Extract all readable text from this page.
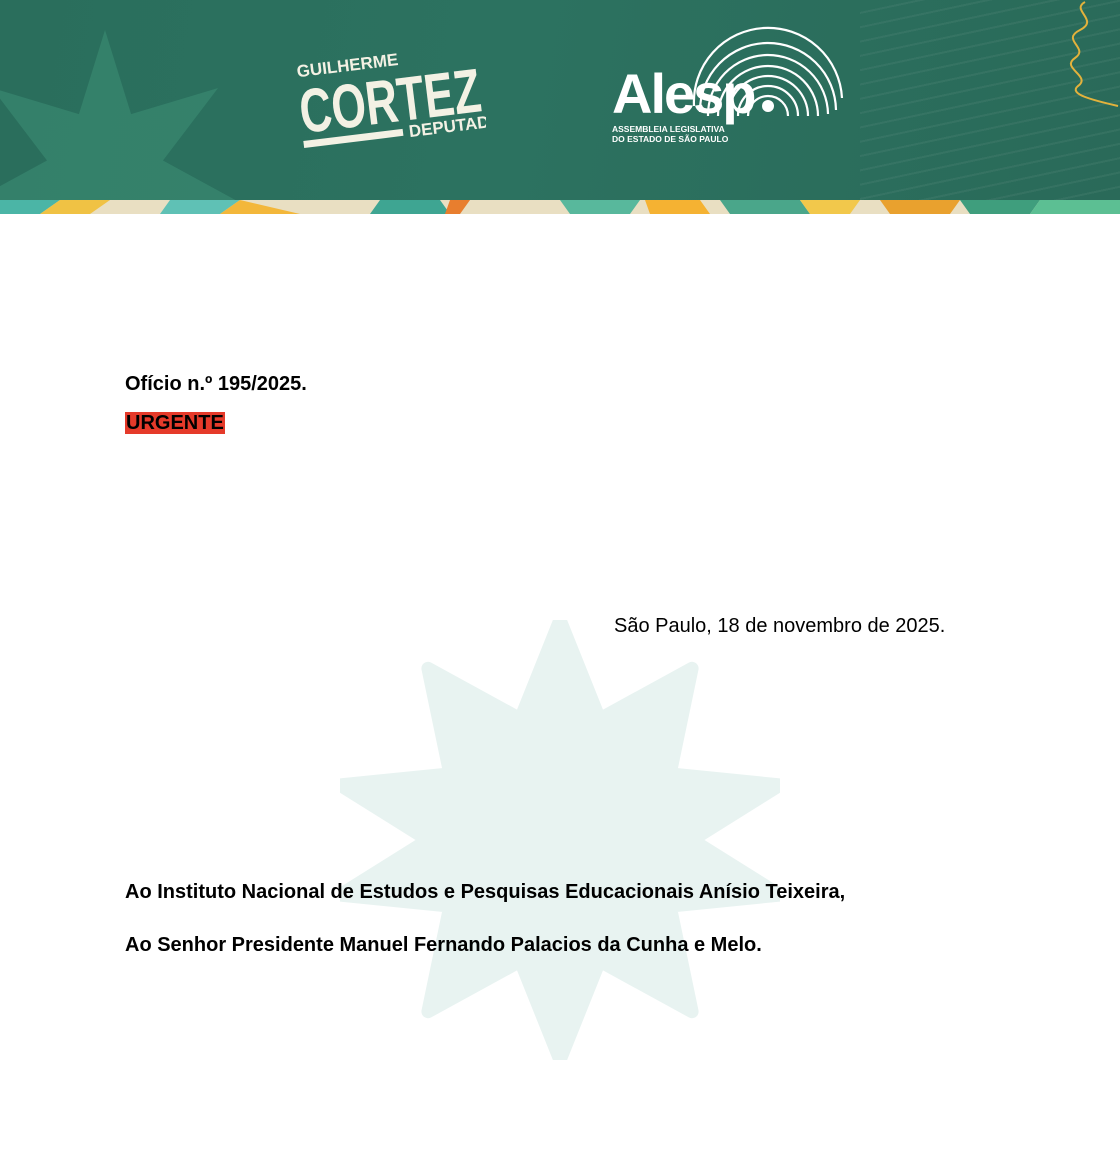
GUILHERME
CORTEZ
DEPUTADO
Alesp
ASSEMBLEIA LEGISLATIVA
DO ESTADO DE SÃO PAULO
Ofício n.º 195/2025.
URGENTE
São Paulo, 18 de novembro de 2025.
Ao Instituto Nacional de Estudos e Pesquisas Educacionais Anísio Teixeira,
Ao Senhor Presidente Manuel Fernando Palacios da Cunha e Melo.
